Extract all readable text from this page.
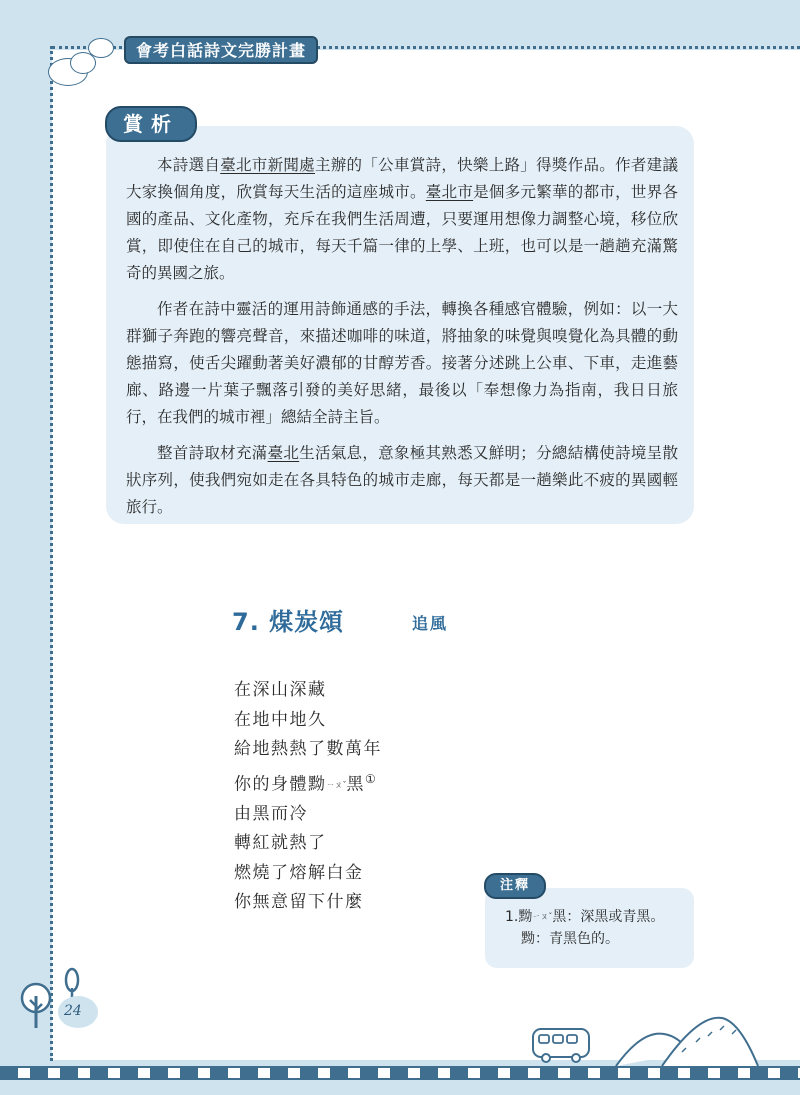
會考白話詩文完勝計畫
賞析

本詩選自臺北市新聞處主辦的「公車賞詩，快樂上路」得獎作品。作者建議大家換個角度，欣賞每天生活的這座城市。臺北市是個多元繁華的都市，世界各國的產品、文化產物，充斥在我們生活周遭，只要運用想像力調整心境，移位欣賞，即使住在自己的城市，每天千篇一律的上學、上班，也可以是一趟趟充滿驚奇的異國之旅。

作者在詩中靈活的運用詩飾通感的手法，轉換各種感官體驗，例如：以一大群獅子奔跑的響亮聲音，來描述咖啡的味道，將抽象的味覺與嗅覺化為具體的動態描寫，使舌尖躍動著美好濃郁的甘醇芳香。接著分述跳上公車、下車，走進藝廊、路邊一片葉子飄落引發的美好思緒，最後以「奉想像力為指南，我日日旅行，在我們的城市裡」總結全詩主旨。

整首詩取材充滿臺北生活氣息，意象極其熟悉又鮮明；分總結構使詩境呈散狀序列，使我們宛如走在各具特色的城市走廊，每天都是一趟樂此不疲的異國輕旅行。

7. 煤炭頌	追風
在深山深藏
在地中地久
給地熱熱了數萬年
你的身體黝ㄧㄡˇ黑①
由黑而冷
轉紅就熱了
燃燒了熔解白金
你無意留下什麼
注釋
1.黝ㄧㄡˇ黑：深黑或青黑。
黝：青黑色的。
24
